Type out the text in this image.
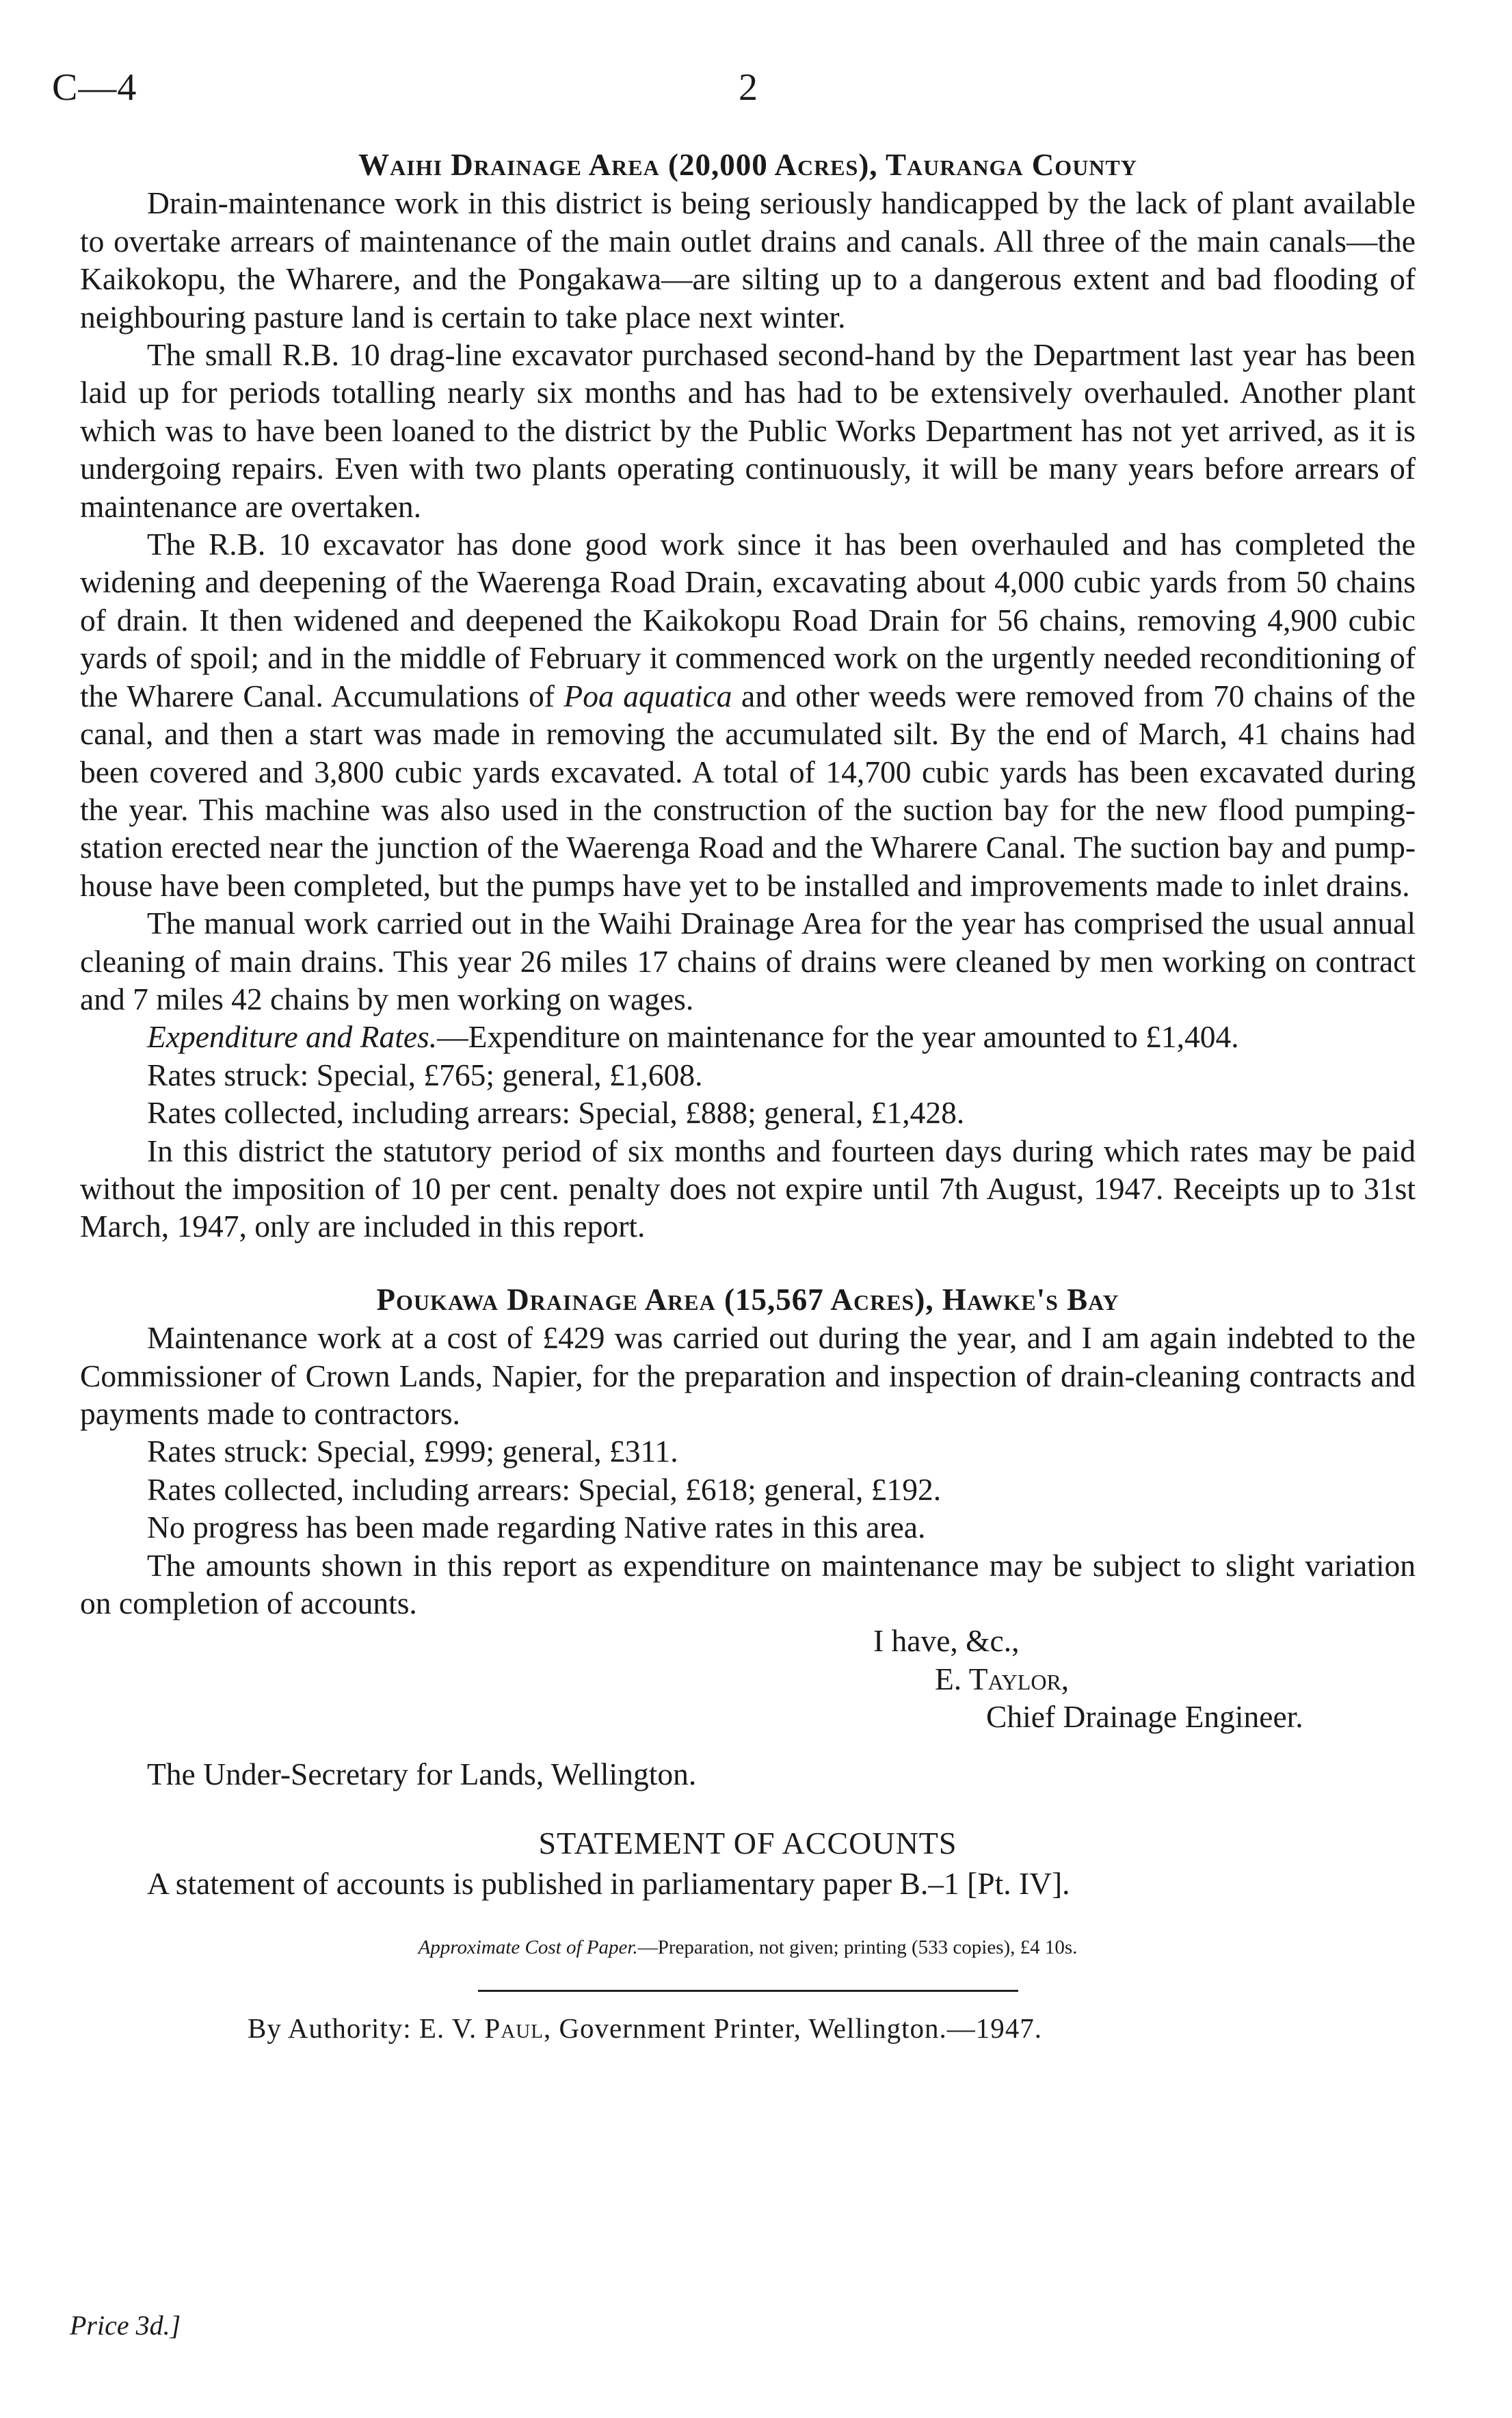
C—4	2
Waihi Drainage Area (20,000 Acres), Tauranga County

Drain-maintenance work in this district is being seriously handicapped by the lack of plant available to overtake arrears of maintenance of the main outlet drains and canals. All three of the main canals—the Kaikokopu, the Wharere, and the Pongakawa—are silting up to a dangerous extent and bad flooding of neighbouring pasture land is certain to take place next winter.

The small R.B. 10 drag-line excavator purchased second-hand by the Department last year has been laid up for periods totalling nearly six months and has had to be extensively overhauled. Another plant which was to have been loaned to the district by the Public Works Department has not yet arrived, as it is undergoing repairs. Even with two plants operating continuously, it will be many years before arrears of maintenance are overtaken.

The R.B. 10 excavator has done good work since it has been overhauled and has completed the widening and deepening of the Waerenga Road Drain, excavating about 4,000 cubic yards from 50 chains of drain. It then widened and deepened the Kaikokopu Road Drain for 56 chains, removing 4,900 cubic yards of spoil; and in the middle of February it commenced work on the urgently needed reconditioning of the Wharere Canal. Accumulations of Poa aquatica and other weeds were removed from 70 chains of the canal, and then a start was made in removing the accumulated silt. By the end of March, 41 chains had been covered and 3,800 cubic yards excavated. A total of 14,700 cubic yards has been excavated during the year. This machine was also used in the construction of the suction bay for the new flood pumping-station erected near the junction of the Waerenga Road and the Wharere Canal. The suction bay and pump-house have been completed, but the pumps have yet to be installed and improvements made to inlet drains.

The manual work carried out in the Waihi Drainage Area for the year has comprised the usual annual cleaning of main drains. This year 26 miles 17 chains of drains were cleaned by men working on contract and 7 miles 42 chains by men working on wages.

Expenditure and Rates.—Expenditure on maintenance for the year amounted to £1,404.

Rates struck: Special, £765; general, £1,608.

Rates collected, including arrears: Special, £888; general, £1,428.

In this district the statutory period of six months and fourteen days during which rates may be paid without the imposition of 10 per cent. penalty does not expire until 7th August, 1947. Receipts up to 31st March, 1947, only are included in this report.

Poukawa Drainage Area (15,567 Acres), Hawke's Bay

Maintenance work at a cost of £429 was carried out during the year, and I am again indebted to the Commissioner of Crown Lands, Napier, for the preparation and inspection of drain-cleaning contracts and payments made to contractors.

Rates struck: Special, £999; general, £311.

Rates collected, including arrears: Special, £618; general, £192.

No progress has been made regarding Native rates in this area.

The amounts shown in this report as expenditure on maintenance may be subject to slight variation on completion of accounts.

I have, &c.,
E. Taylor,
Chief Drainage Engineer.
The Under-Secretary for Lands, Wellington.
STATEMENT OF ACCOUNTS
A statement of accounts is published in parliamentary paper B.–1 [Pt. IV].
Approximate Cost of Paper.—Preparation, not given; printing (533 copies), £4 10s.
By Authority: E. V. Paul, Government Printer, Wellington.—1947.
Price 3d.]
